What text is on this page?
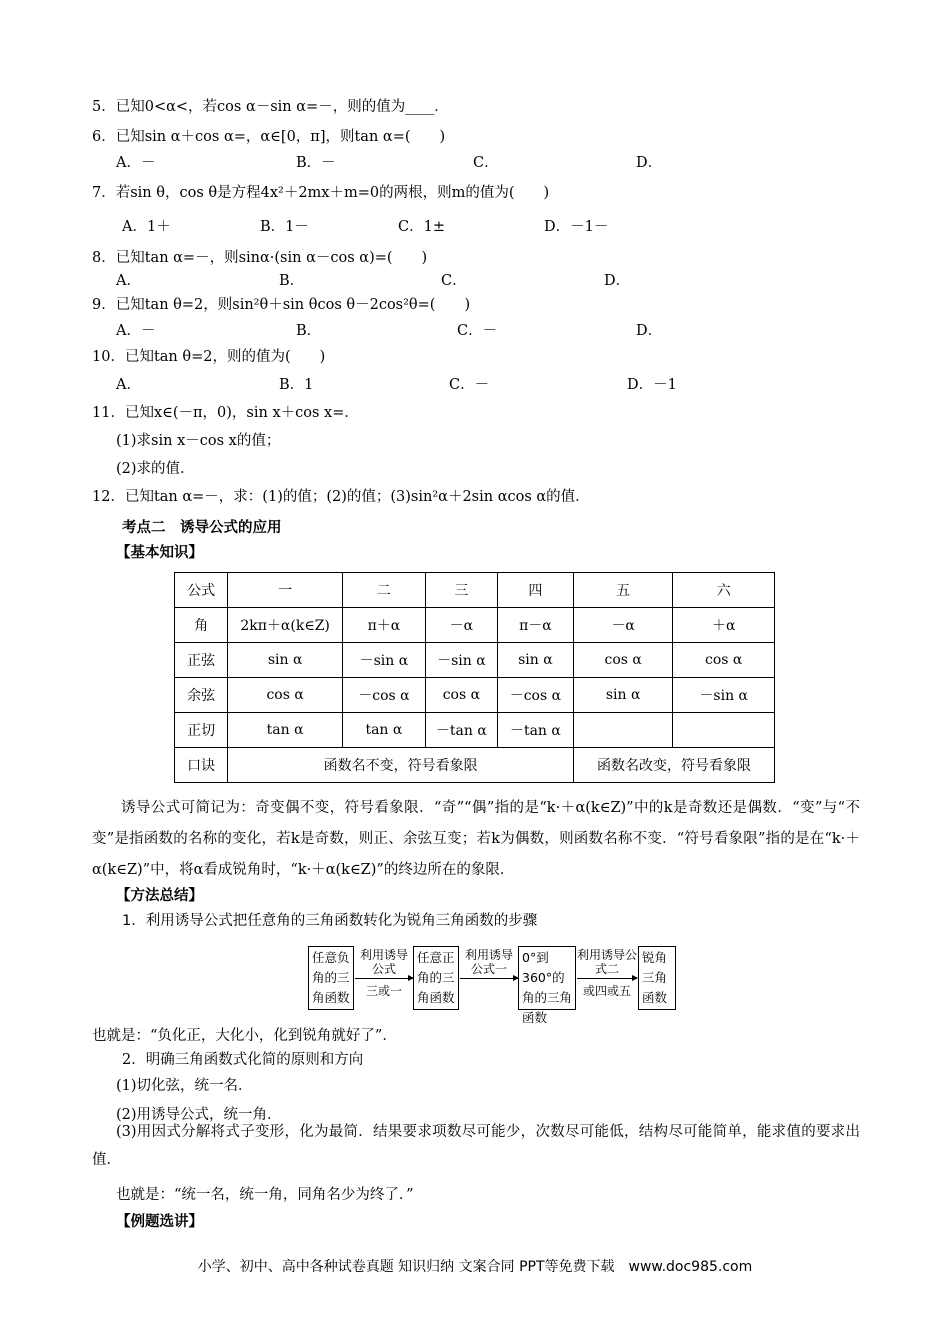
5．已知0<α<，若cos α－sin α=－，则的值为____．
6．已知sin α＋cos α=，α∈[0，π]，则tan α=(　　)
A．－	B．－	C．	D．
7．若sin θ，cos θ是方程4x²＋2mx＋m=0的两根，则m的值为(　　)
A．1＋	B．1－	C．1±	D．－1－
8．已知tan α=－，则sinα·(sin α－cos α)=(　　)
A．	B．	C．	D．
9．已知tan θ=2，则sin²θ＋sin θcos θ－2cos²θ=(　　)
A．－	B．	C．－	D．
10．已知tan θ=2，则的值为(　　)
A．	B．1	C．－	D．－1
11．已知x∈(－π，0)，sin x＋cos x=．
(1)求sin x－cos x的值；
(2)求的值．
12．已知tan α=－，求：(1)的值；(2)的值；(3)sin²α＋2sin αcos α的值．
考点二　诱导公式的应用
【基本知识】
公式	一	二	三	四	五	六
角	2kπ＋α(k∈Z)	π＋α	－α	π－α	－α	＋α
正弦	sin α	－sin α	－sin α	sin α	cos α	cos α
余弦	cos α	－cos α	cos α	－cos α	sin α	－sin α
正切	tan α	tan α	－tan α	－tan α		
口诀	函数名不变，符号看象限				函数名改变，符号看象限	
诱导公式可简记为：奇变偶不变，符号看象限．“奇”“偶”指的是“k·＋α(k∈Z)”中的k是奇数还是偶数．“变”与“不变”是指函数的名称的变化，若k是奇数，则正、余弦互变；若k为偶数，则函数名称不变．“符号看象限”指的是在“k·＋α(k∈Z)”中，将α看成锐角时，“k·＋α(k∈Z)”的终边所在的象限．
【方法总结】
1．利用诱导公式把任意角的三角函数转化为锐角三角函数的步骤
任意负角的三角函数
利用诱导公式
三或一
任意正角的三角函数
利用诱导公式一
0°到360°的角的三角函数
利用诱导公式二
或四或五
锐角三角函数
也就是：“负化正，大化小，化到锐角就好了”．
2．明确三角函数式化简的原则和方向
(1)切化弦，统一名．
(2)用诱导公式，统一角．
(3)用因式分解将式子变形，化为最简．结果要求项数尽可能少，次数尽可能低，结构尽可能简单，能求值的要求出值．
也就是：“统一名，统一角，同角名少为终了．”
【例题选讲】
小学、初中、高中各种试卷真题 知识归纳 文案合同 PPT等免费下载　www.doc985.com
